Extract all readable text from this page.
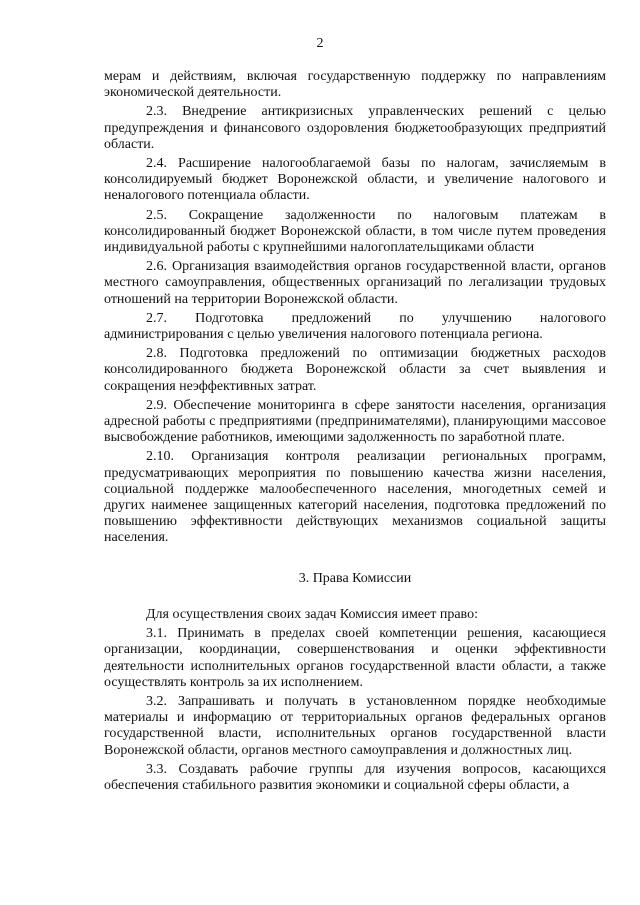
2

мерам и действиям, включая государственную поддержку по направлениям экономической деятельности.

2.3. Внедрение антикризисных управленческих решений с целью предупреждения и финансового оздоровления бюджетообразующих предприятий области.

2.4. Расширение налогооблагаемой базы по налогам, зачисляемым в консолидируемый бюджет Воронежской области, и увеличение налогового и неналогового потенциала области.

2.5. Сокращение задолженности по налоговым платежам в консолидированный бюджет Воронежской области, в том числе путем проведения индивидуальной работы с крупнейшими налогоплательщиками области

2.6. Организация взаимодействия органов государственной власти, органов местного самоуправления, общественных организаций по легализации трудовых отношений на территории Воронежской области.

2.7. Подготовка предложений по улучшению налогового администрирования с целью увеличения налогового потенциала региона.

2.8. Подготовка предложений по оптимизации бюджетных расходов консолидированного бюджета Воронежской области за счет выявления и сокращения неэффективных затрат.

2.9. Обеспечение мониторинга в сфере занятости населения, организация адресной работы с предприятиями (предпринимателями), планирующими массовое высвобождение работников, имеющими задолженность по заработной плате.

2.10. Организация контроля реализации региональных программ, предусматривающих мероприятия по повышению качества жизни населения, социальной поддержке малообеспеченного населения, многодетных семей и других наименее защищенных категорий населения, подготовка предложений по повышению эффективности действующих механизмов социальной защиты населения.

3. Права Комиссии

Для осуществления своих задач Комиссия имеет право:

3.1. Принимать в пределах своей компетенции решения, касающиеся организации, координации, совершенствования и оценки эффективности деятельности исполнительных органов государственной власти области, а также осуществлять контроль за их исполнением.

3.2. Запрашивать и получать в установленном порядке необходимые материалы и информацию от территориальных органов федеральных органов государственной власти, исполнительных органов государственной власти Воронежской области, органов местного самоуправления и должностных лиц.

3.3. Создавать рабочие группы для изучения вопросов, касающихся обеспечения стабильного развития экономики и социальной сферы области, а
